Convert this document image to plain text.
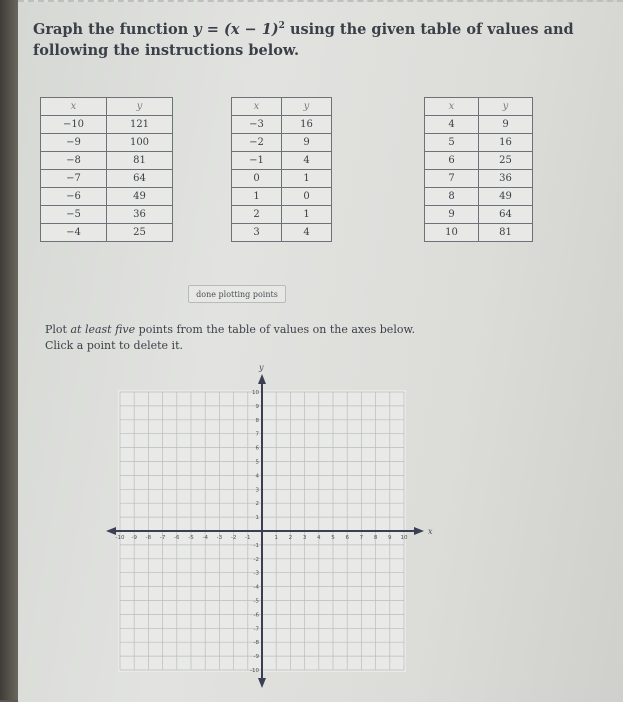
Graph the function $y = (x - 1)^2$ using the given table of values and following the instructions below.
x	y
−10	121
−9	100
−8	81
−7	64
−6	49
−5	36
−4	25
x	y
−3	16
−2	9
−1	4
0	1
1	0
2	1
3	4
x	y
4	9
5	16
6	25
7	36
8	49
9	64
10	81
done plotting points
Plot at least five points from the table of values on the axes below. Click a point to delete it.
x
y
-10 -9 -8 -7 -6 -5 -4 -3 -2 -1	1 2 3 4 5 6 7 8 9 10
10
9
8
7
6
5
4
3
2
1
-1
-2
-3
-4
-5
-6
-7
-8
-9
-10
